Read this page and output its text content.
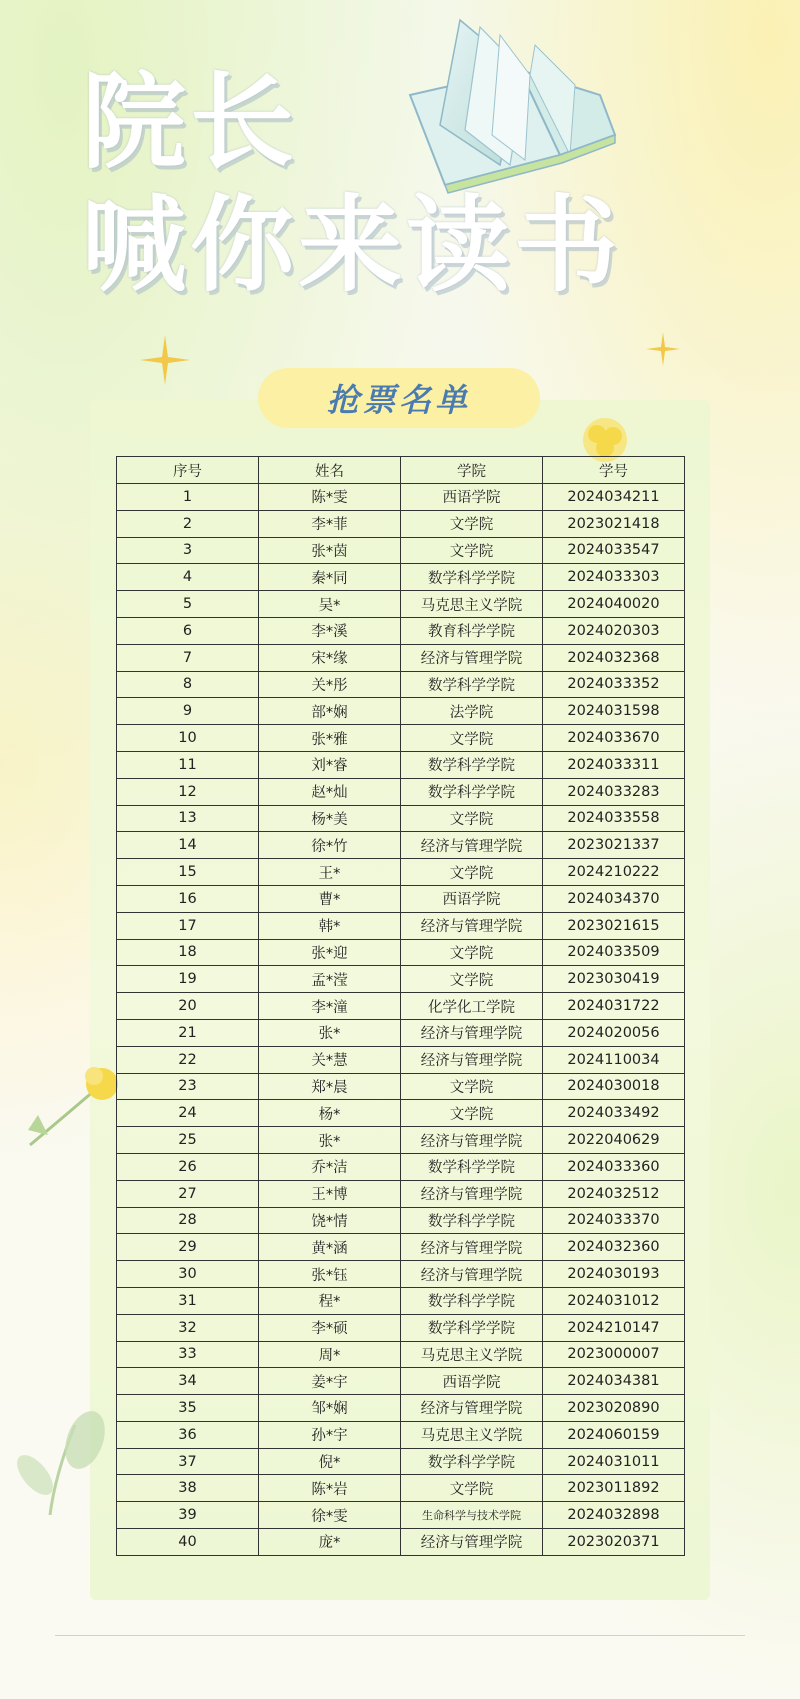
院长
喊你来读书
抢票名单
序号	姓名	学院	学号
1	陈*雯	西语学院	2024034211
2	李*菲	文学院	2023021418
3	张*茵	文学院	2024033547
4	秦*同	数学科学学院	2024033303
5	吴*	马克思主义学院	2024040020
6	李*溪	教育科学学院	2024020303
7	宋*缘	经济与管理学院	2024032368
8	关*彤	数学科学学院	2024033352
9	部*娴	法学院	2024031598
10	张*雅	文学院	2024033670
11	刘*睿	数学科学学院	2024033311
12	赵*灿	数学科学学院	2024033283
13	杨*美	文学院	2024033558
14	徐*竹	经济与管理学院	2023021337
15	王*	文学院	2024210222
16	曹*	西语学院	2024034370
17	韩*	经济与管理学院	2023021615
18	张*迎	文学院	2024033509
19	孟*滢	文学院	2023030419
20	李*潼	化学化工学院	2024031722
21	张*	经济与管理学院	2024020056
22	关*慧	经济与管理学院	2024110034
23	郑*晨	文学院	2024030018
24	杨*	文学院	2024033492
25	张*	经济与管理学院	2022040629
26	乔*洁	数学科学学院	2024033360
27	王*博	经济与管理学院	2024032512
28	饶*情	数学科学学院	2024033370
29	黄*涵	经济与管理学院	2024032360
30	张*钰	经济与管理学院	2024030193
31	程*	数学科学学院	2024031012
32	李*硕	数学科学学院	2024210147
33	周*	马克思主义学院	2023000007
34	姜*宇	西语学院	2024034381
35	邹*娴	经济与管理学院	2023020890
36	孙*宇	马克思主义学院	2024060159
37	倪*	数学科学学院	2024031011
38	陈*岩	文学院	2023011892
39	徐*雯	生命科学与技术学院	2024032898
40	庞*	经济与管理学院	2023020371
